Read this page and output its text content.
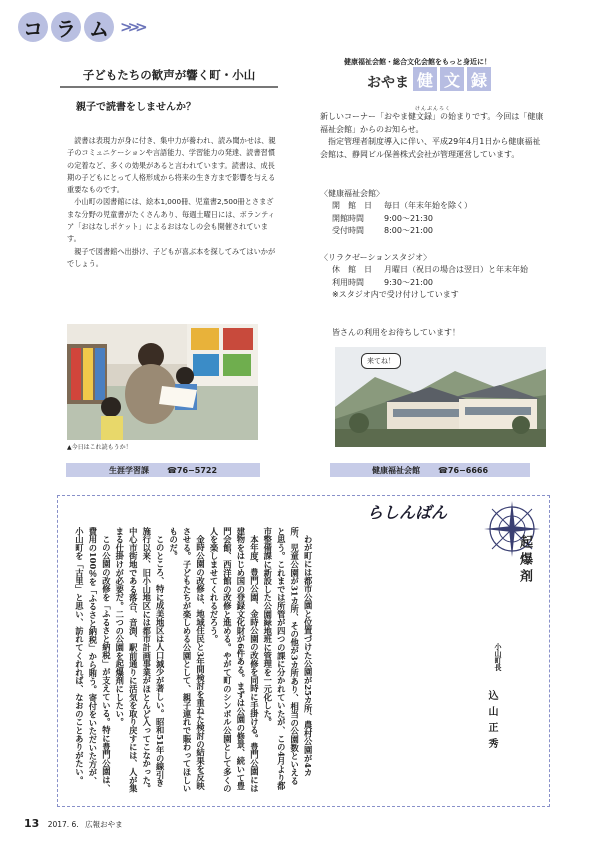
コ ラ ム >>>
子どもたちの歓声が響く町・小山
親子で読書をしませんか？

読書は表現力が身に付き、集中力が養われ、読み聞かせは、親子のコミュニケーションや言語能力、学習能力の発達、読書習慣の定着など、多くの効果があると言われています。読書は、成長期の子どもにとって人格形成から将来の生き方まで影響を与える重要なものです。

小山町の図書館には、絵本1,000冊、児童書2,500冊とさまざまな分野の児童書がたくさんあり、毎週土曜日には、ボランティア「おはなしポケット」によるおはなしの会も開催されています。

親子で図書館へ出掛け、子どもが喜ぶ本を探してみてはいかがでしょう。

▲今日はこれ読もうか！
生涯学習課 ☎76−5722
健康福祉会館・総合文化会館をもっと身近に！
おやま 健 文 録
けんぶんろく

新しいコーナー「おやま健文録」の始まりです。今回は「健康福祉会館」からのお知らせ。

指定管理者制度導入に伴い、平成29年4月1日から健康福祉会館は、静岡ビル保善株式会社が管理運営しています。

〈健康福祉会館〉
開　館　日	毎日（年末年始を除く）
開館時間	9:00～21:30
受付時間	8:00～21:00
〈リラクゼーションスタジオ〉
休　館　日	月曜日（祝日の場合は翌日）と年末年始
利用時間	9:30～21:00
※スタジオ内で受け付けしています
皆さんの利用をお待ちしています！
来てね！
健康福祉会館 ☎76−6666
らしんばん
起爆剤
小山町長
込山正秀

わが町には都市公園と位置づけた公園が25カ所、農村公園が4カ所、児童公園が31カ所、その他が3カ所あり、相当の公園数といえると思う。これまでは所管が四つの課に分かれていたが、この4月より都市整備課に新設した公園緑地班に管理を一元化した。

本年度、豊門公園、金時公園の改修を同時に手掛ける。豊門公園には建物をはじめ国の登録文化財が6件ある。まずは公園の修景、続いて豊門会館、西洋館の改修と進める。やがて町のシンボル公園として多くの人を楽しませてくれるだろう。

金時公園の改修は、地域住民と3年間検討を重ねた検討の結果を反映させる。子どもたちが楽しめる公園として、親子連れで賑わってほしいものだ。

このところ、特に成美地区は人口減少が著しい。昭和51年の線引き施行以来、旧小山地区には都市計画事業がほとんど入ってこなかった。中心市街地である落合、音渕、駅前通りに活気を取り戻すには、人が集まる仕掛けが必要だ。二つの公園を起爆剤にしたい。

この公園の改修を「ふるさと納税」が支えている。特に豊門公園は、費用の100％を「ふるさと納税」から賄う。寄付をいただいた方が、小山町を「古里」と思い、訪れてくれれば、なおのことありがたい。

13 2017. 6. 広報おやま
